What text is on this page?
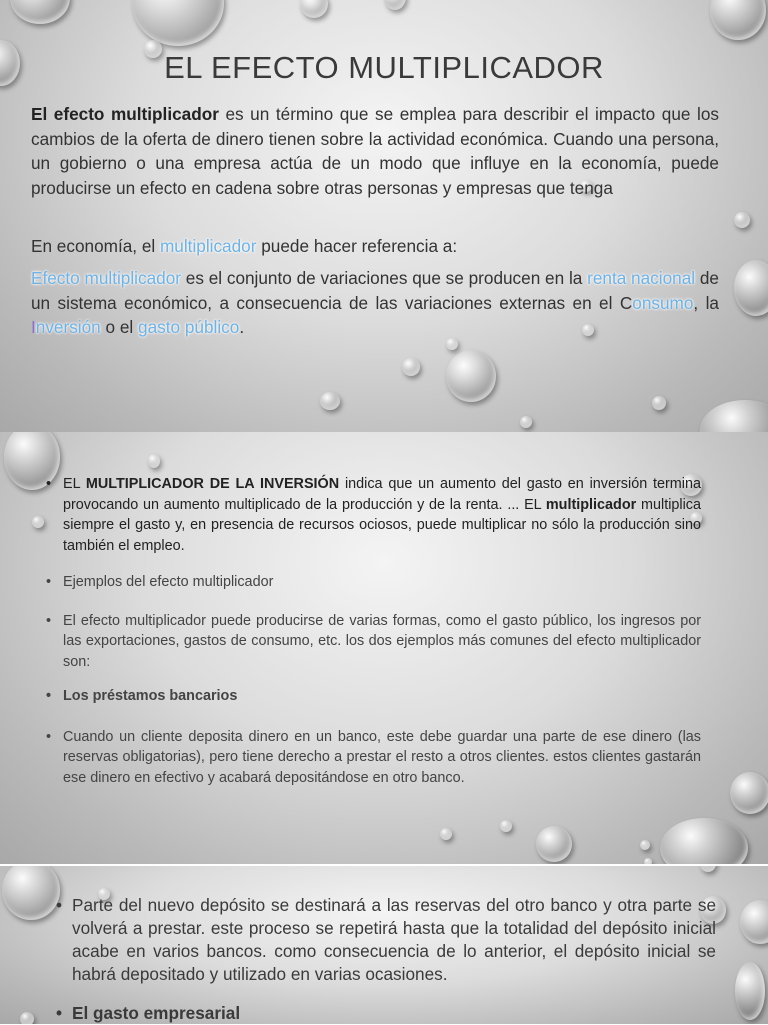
EL EFECTO MULTIPLICADOR

El efecto multiplicador es un término que se emplea para describir el impacto que los cambios de la oferta de dinero tienen sobre la actividad económica. Cuando una persona, un gobierno o una empresa actúa de un modo que influye en la economía, puede producirse un efecto en cadena sobre otras personas y empresas que tenga

En economía, el multiplicador puede hacer referencia a:

Efecto multiplicador es el conjunto de variaciones que se producen en la renta nacional de un sistema económico, a consecuencia de las variaciones externas en el Consumo, la Inversión o el gasto público.

• EL MULTIPLICADOR DE LA INVERSIÓN indica que un aumento del gasto en inversión termina provocando un aumento multiplicado de la producción y de la renta. ... EL multiplicador multiplica siempre el gasto y, en presencia de recursos ociosos, puede multiplicar no sólo la producción sino también el empleo.
• Ejemplos del efecto multiplicador
• El efecto multiplicador puede producirse de varias formas, como el gasto público, los ingresos por las exportaciones, gastos de consumo, etc. los dos ejemplos más comunes del efecto multiplicador son:
• Los préstamos bancarios
• Cuando un cliente deposita dinero en un banco, este debe guardar una parte de ese dinero (las reservas obligatorias), pero tiene derecho a prestar el resto a otros clientes. estos clientes gastarán ese dinero en efectivo y acabará depositándose en otro banco.
• Parte del nuevo depósito se destinará a las reservas del otro banco y otra parte se volverá a prestar. este proceso se repetirá hasta que la totalidad del depósito inicial acabe en varios bancos. como consecuencia de lo anterior, el depósito inicial se habrá depositado y utilizado en varias ocasiones.
• El gasto empresarial
